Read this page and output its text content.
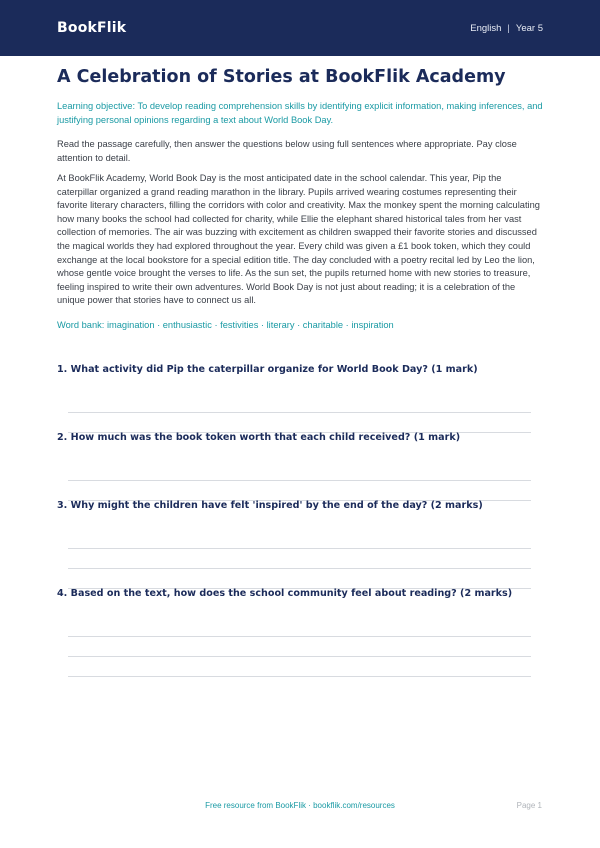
BookFlik	English | Year 5
A Celebration of Stories at BookFlik Academy

Learning objective: To develop reading comprehension skills by identifying explicit information, making inferences, and justifying personal opinions regarding a text about World Book Day.

Read the passage carefully, then answer the questions below using full sentences where appropriate. Pay close attention to detail.

At BookFlik Academy, World Book Day is the most anticipated date in the school calendar. This year, Pip the caterpillar organized a grand reading marathon in the library. Pupils arrived wearing costumes representing their favorite literary characters, filling the corridors with color and creativity. Max the monkey spent the morning calculating how many books the school had collected for charity, while Ellie the elephant shared historical tales from her vast collection of memories. The air was buzzing with excitement as children swapped their favorite stories and discussed the magical worlds they had explored throughout the year. Every child was given a £1 book token, which they could exchange at the local bookstore for a special edition title. The day concluded with a poetry recital led by Leo the lion, whose gentle voice brought the verses to life. As the sun set, the pupils returned home with new stories to treasure, feeling inspired to write their own adventures. World Book Day is not just about reading; it is a celebration of the unique power that stories have to connect us all.

Word bank: imagination · enthusiastic · festivities · literary · charitable · inspiration

1. What activity did Pip the caterpillar organize for World Book Day? (1 mark)
2. How much was the book token worth that each child received? (1 mark)
3. Why might the children have felt 'inspired' by the end of the day? (2 marks)
4. Based on the text, how does the school community feel about reading? (2 marks)
Free resource from BookFlik · bookflik.com/resources	Page 1
